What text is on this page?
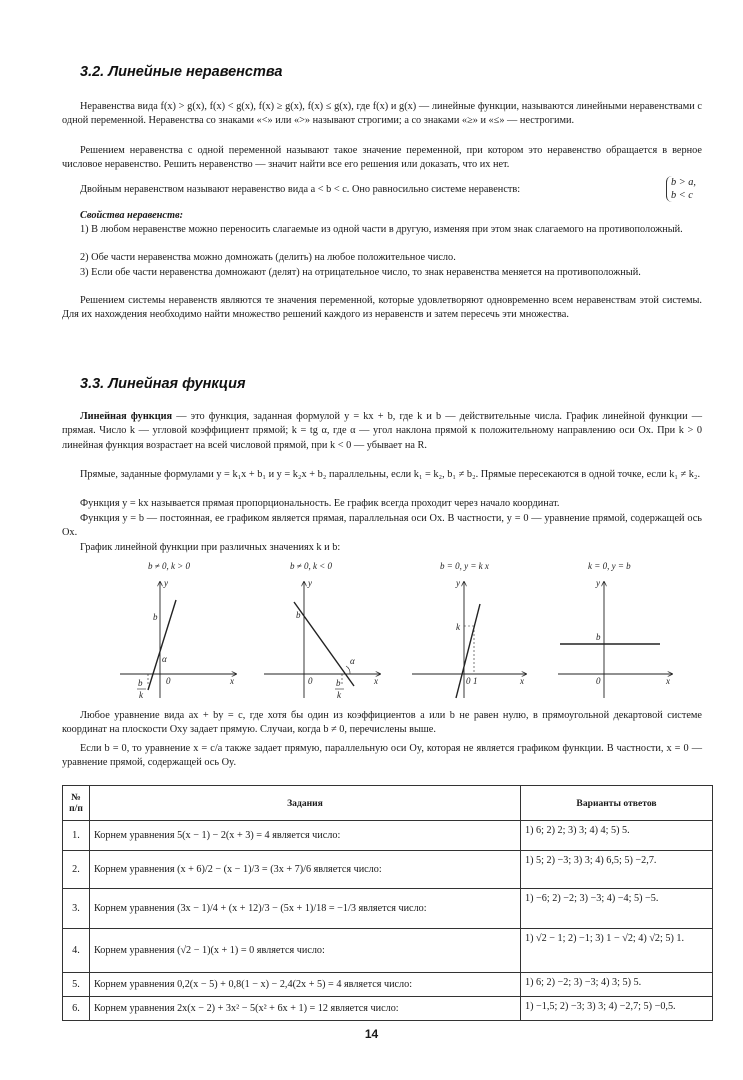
3.2. Линейные неравенства
Неравенства вида f(x) > g(x), f(x) < g(x), f(x) ≥ g(x), f(x) ≤ g(x), где f(x) и g(x) — линейные функции, называются линейными неравенствами с одной переменной. Неравенства со знаками «<» или «>» называют строгими; а со знаками «≥» и «≤» — нестрогими.
Решением неравенства с одной переменной называют такое значение переменной, при котором это неравенство обращается в верное числовое неравенство. Решить неравенство — значит найти все его решения или доказать, что их нет.
Двойным неравенством называют неравенство вида a < b < c. Оно равносильно системе неравенств:
b > a,
b < c
Свойства неравенств:
1) В любом неравенстве можно переносить слагаемые из одной части в другую, изменяя при этом знак слагаемого на противоположный.
2) Обе части неравенства можно домножать (делить) на любое положительное число.
3) Если обе части неравенства домножают (делят) на отрицательное число, то знак неравенства меняется на противоположный.
Решением системы неравенств являются те значения переменной, которые удовлетворяют одновременно всем неравенствам этой системы. Для их нахождения необходимо найти множество решений каждого из неравенств и затем пересечь эти множества.
3.3. Линейная функция
Линейная функция — это функция, заданная формулой y = kx + b, где k и b — действительные числа. График линейной функции — прямая. Число k — угловой коэффициент прямой; k = tg α, где α — угол наклона прямой к положительному направлению оси Ox. При k > 0 линейная функция возрастает на всей числовой прямой, при k < 0 — убывает на R.
Прямые, заданные формулами y = k₁x + b₁ и y = k₂x + b₂ параллельны, если k₁ = k₂, b₁ ≠ b₂. Прямые пересекаются в одной точке, если k₁ ≠ k₂.
Функция y = kx называется прямая пропорциональность. Ее график всегда проходит через начало координат.
Функция y = b — постоянная, ее графиком является прямая, параллельная оси Ox. В частности, y = 0 — уравнение прямой, содержащей ось Ox.
График линейной функции при различных значениях k и b:
b ≠ 0, k > 0
y
b
α
0	x
b
k
b ≠ 0, k < 0
y
b
α
0	x
b
k
b = 0, y = k x
y
k
0 1	x
k = 0, y = b
y
b
0	x
Любое уравнение вида ax + by = c, где хотя бы один из коэффициентов a или b не равен нулю, в прямоугольной декартовой системе координат на плоскости Oxy задает прямую. Случаи, когда b ≠ 0, перечислены выше.
Если b = 0, то уравнение x = c/a также задает прямую, параллельную оси Oy, которая не является графиком функции. В частности, x = 0 — уравнение прямой, содержащей ось Oy.
№ п/п	Задания	Варианты ответов
1.	Корнем уравнения 5(x − 1) − 2(x + 3) = 4 является число:	1) 6; 2) 2; 3) 3; 4) 4; 5) 5.
2.	Корнем уравнения (x + 6)/2 − (x − 1)/3 = (3x + 7)/6 является число:	1) 5; 2) −3; 3) 3; 4) 6,5; 5) −2,7.
3.	Корнем уравнения (3x − 1)/4 + (x + 12)/3 − (5x + 1)/18 = −1/3 является число:	1) −6; 2) −2; 3) −3; 4) −4; 5) −5.
4.	Корнем уравнения (√2 − 1)(x + 1) = 0 является число:	1) √2 − 1; 2) −1; 3) 1 − √2; 4) √2; 5) 1.
5.	Корнем уравнения 0,2(x − 5) + 0,8(1 − x) − 2,4(2x + 5) = 4 является число:	1) 6; 2) −2; 3) −3; 4) 3; 5) 5.
6.	Корнем уравнения 2x(x − 2) + 3x² − 5(x² + 6x + 1) = 12 является число:	1) −1,5; 2) −3; 3) 3; 4) −2,7; 5) −0,5.
14
